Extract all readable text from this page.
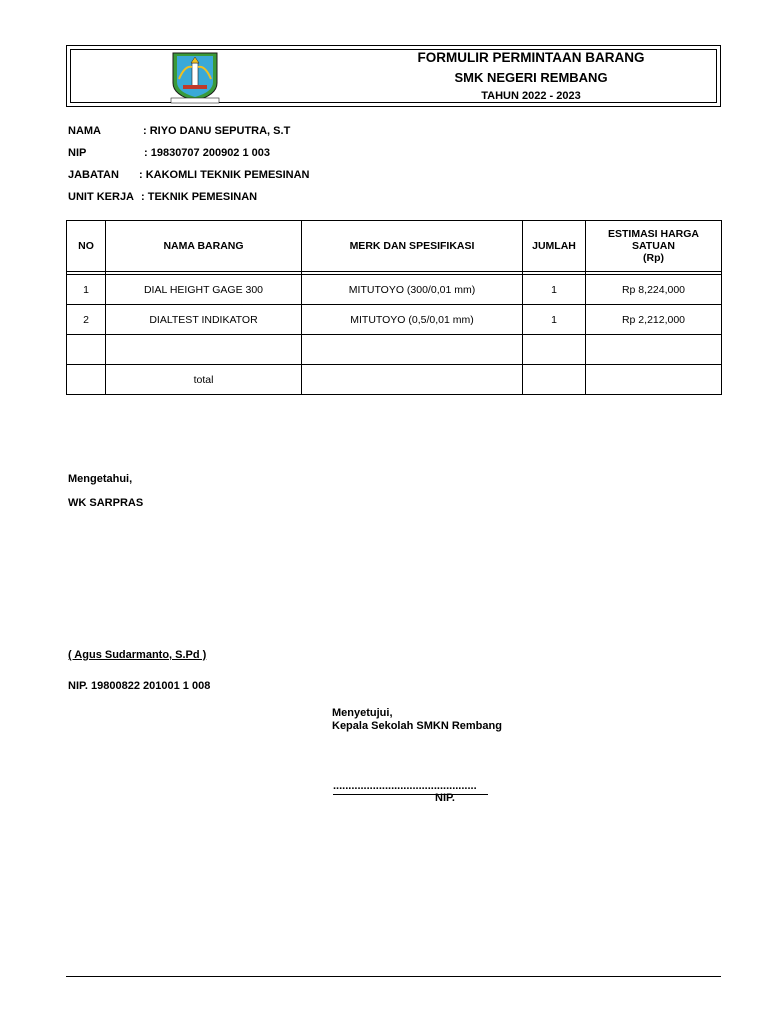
FORMULIR PERMINTAAN BARANG
SMK NEGERI REMBANG
TAHUN 2022 - 2023
NAMA	: RIYO DANU SEPUTRA, S.T
NIP	: 19830707 200902 1 003
JABATAN : KAKOMLI TEKNIK PEMESINAN
UNIT KERJA : TEKNIK PEMESINAN
NO	NAMA BARANG	MERK DAN SPESIFIKASI	JUMLAH	ESTIMASI HARGA
SATUAN
(Rp)

1	DIAL HEIGHT GAGE 300	MITUTOYO (300/0,01 mm)	1	Rp 8,224,000
2	DIALTEST INDIKATOR	MITUTOYO (0,5/0,01 mm)	1	Rp 2,212,000

	total			
Mengetahui,
WK SARPRAS
( Agus Sudarmanto, S.Pd )
NIP. 19800822 201001 1 008
Menyetujui,
Kepala Sekolah SMKN Rembang
...............................................
NIP.
